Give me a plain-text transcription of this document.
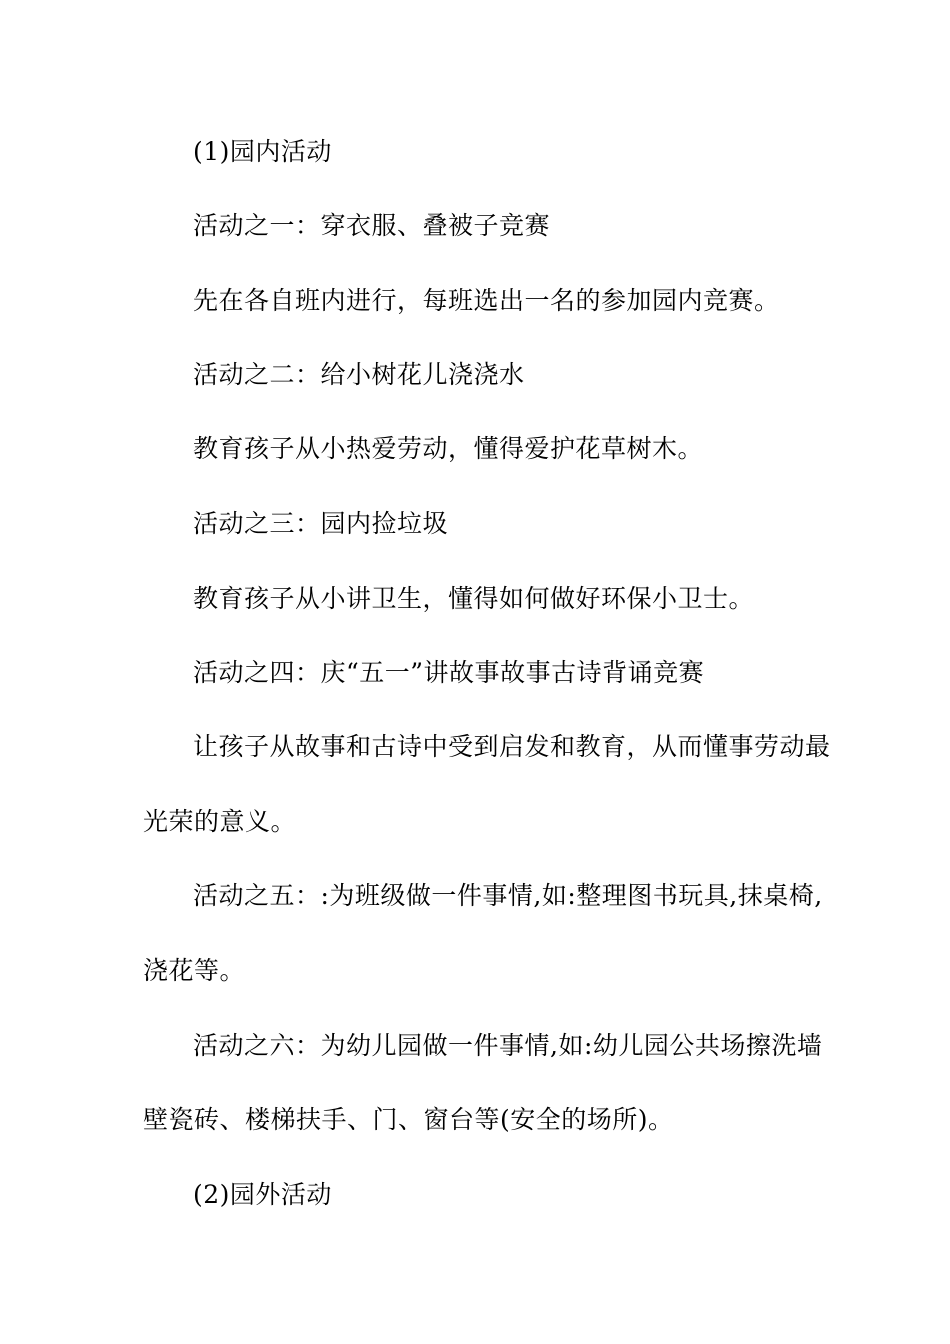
(1)园内活动
活动之一：穿衣服、叠被子竞赛
先在各自班内进行，每班选出一名的参加园内竞赛。
活动之二：给小树花儿浇浇水
教育孩子从小热爱劳动，懂得爱护花草树木。
活动之三：园内捡垃圾
教育孩子从小讲卫生，懂得如何做好环保小卫士。
活动之四：庆“五一”讲故事故事古诗背诵竞赛
让孩子从故事和古诗中受到启发和教育，从而懂事劳动最
光荣的意义。
活动之五：:为班级做一件事情,如:整理图书玩具,抹桌椅,
浇花等。
活动之六：为幼儿园做一件事情,如:幼儿园公共场擦洗墙
壁瓷砖、楼梯扶手、门、窗台等(安全的场所)。
(2)园外活动
